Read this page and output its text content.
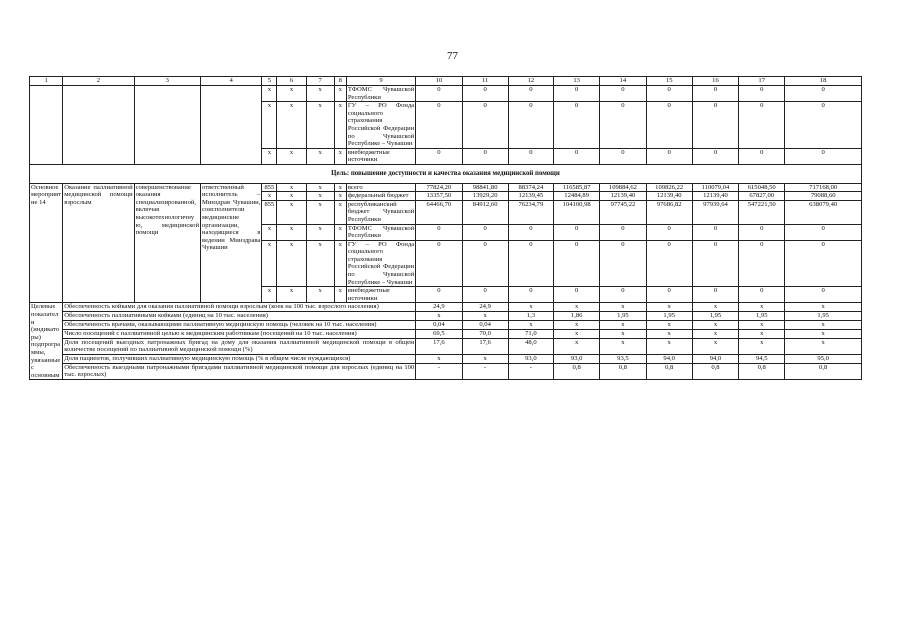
77
1	2	3	4	5	6	7	8	9	10	11	12	13	14	15	16	17	18
				х	х	х	х	ТФОМС Чувашской Республики	0	0	0	0	0	0	0	0	0
				х	х	х	х	ГУ – РО Фонда социального страхования Российской Федерации по Чувашской Республике – Чувашии	0	0	0	0	0	0	0	0	0
				х	х	х	х	внебюджетные источники	0	0	0	0	0	0	0	0	0
Цель: повышение доступности и качества оказания медицинской помощи																	
Основное мероприятие 14	Оказание паллиативной медицинской помощи взрослым	совершенствование оказания специализированной, включая высокотехнологичную, медицинской помощи	ответственный исполнитель – Минздрав Чувашии, соисполнители медицинские организации, находящиеся в ведении Минздрава Чувашии	855	х	х	х	всего	77824,20	98841,80	88374,24	116585,87	109884,62	109826,22	110079,04	615048,50	717168,00
				х	х	х	х	федеральный бюджет	13357,50	13929,20	12139,45	12484,89	12139,40	12139,40	12139,40	67827,00	79088,60
				855	х	х	х	республиканский бюджет Чувашской Республики	64466,70	84912,60	76234,79	104100,98	97745,22	97686,82	97939,64	547221,50	638079,40
				х	х	х	х	ТФОМС Чувашской Республики	0	0	0	0	0	0	0	0	0
				х	х	х	х	ГУ – РО Фонда социального страхования Российской Федерации по Чувашской Республике – Чувашии	0	0	0	0	0	0	0	0	0
				х	х	х	х	внебюджетные источники	0	0	0	0	0	0	0	0	0
Целевые показатели (индикаторы) подпрограммы, увязанные с основным	Обеспеченность койками для оказания паллиативной помощи взрослым (коек на 100 тыс. взрослого населения)								24,9	24,9	х	х	х	х	х	х	х
	Обеспеченность паллиативными койками (единиц на 10 тыс. населения)								х	х	1,3	1,86	1,95	1,95	1,95	1,95	1,95
	Обеспеченность врачами, оказывающими паллиативную медицинскую помощь (человек на 10 тыс. населения)								0,04	0,04	х	х	х	х	х	х	х
	Число посещений с паллиативной целью к медицинским работникам (посещений на 10 тыс. населения)								69,5	70,0	71,0	х	х	х	х	х	х
	Доля посещений выездных патронажных бригад на дому для оказания паллиативной медицинской помощи в общем количестве посещений по паллиативной медицинской помощи (%)								17,6	17,6	48,0	х	х	х	х	х	х
	Доля пациентов, получивших паллиативную медицинскую помощь (% в общем числе нуждающихся)								х	х	93,0	93,0	93,5	94,0	94,0	94,5	95,0
	Обеспеченность выездными патронажными бригадами паллиативной медицинской помощи для взрослых (единиц на 100 тыс. взрослых)								-	-	-	0,8	0,8	0,8	0,8	0,8	0,8
